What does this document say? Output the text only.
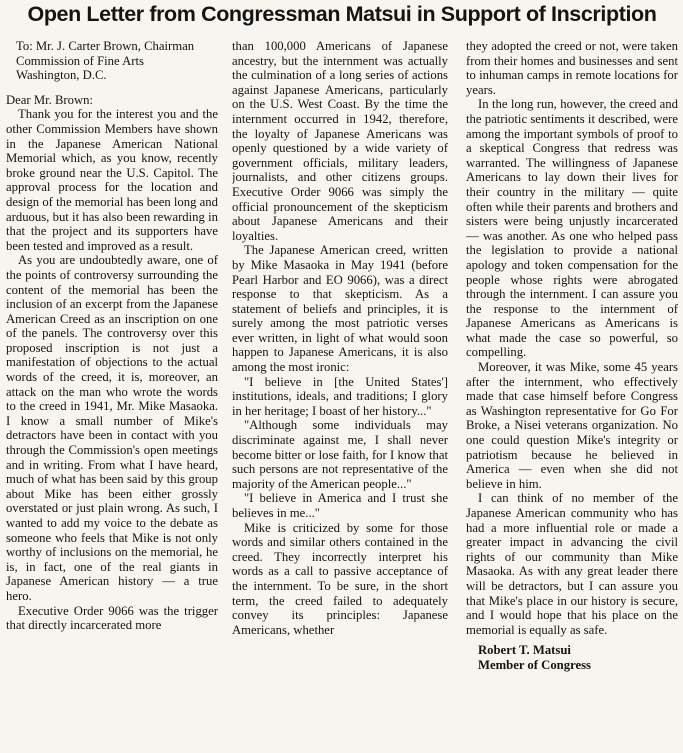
Open Letter from Congressman Matsui in Support of Inscription

To: Mr. J. Carter Brown, Chairman
Commission of Fine Arts
Washington, D.C.

Dear Mr. Brown:

Thank you for the interest you and the other Commission Members have shown in the Japanese American National Memorial which, as you know, recently broke ground near the U.S. Capitol. The approval process for the location and design of the memorial has been long and arduous, but it has also been rewarding in that the project and its supporters have been tested and improved as a result.

As you are undoubtedly aware, one of the points of controversy surrounding the content of the memorial has been the inclusion of an excerpt from the Japanese American Creed as an inscription on one of the panels. The controversy over this proposed inscription is not just a manifestation of objections to the actual words of the creed, it is, moreover, an attack on the man who wrote the words to the creed in 1941, Mr. Mike Masaoka. I know a small number of Mike's detractors have been in contact with you through the Commission's open meetings and in writing. From what I have heard, much of what has been said by this group about Mike has been either grossly overstated or just plain wrong. As such, I wanted to add my voice to the debate as someone who feels that Mike is not only worthy of inclusions on the memorial, he is, in fact, one of the real giants in Japanese American history — a true hero.

Executive Order 9066 was the trigger that directly incarcerated more

than 100,000 Americans of Japanese ancestry, but the internment was actually the culmination of a long series of actions against Japanese Americans, particularly on the U.S. West Coast. By the time the internment occurred in 1942, therefore, the loyalty of Japanese Americans was openly questioned by a wide variety of government officials, military leaders, journalists, and other citizens groups. Executive Order 9066 was simply the official pronouncement of the skepticism about Japanese Americans and their loyalties.

The Japanese American creed, written by Mike Masaoka in May 1941 (before Pearl Harbor and EO 9066), was a direct response to that skepticism. As a statement of beliefs and principles, it is surely among the most patriotic verses ever written, in light of what would soon happen to Japanese Americans, it is also among the most ironic:

"I believe in [the United States'] institutions, ideals, and traditions; I glory in her heritage; I boast of her history..."

"Although some individuals may discriminate against me, I shall never become bitter or lose faith, for I know that such persons are not representative of the majority of the American people..."

"I believe in America and I trust she believes in me..."

Mike is criticized by some for those words and similar others contained in the creed. They incorrectly interpret his words as a call to passive acceptance of the internment. To be sure, in the short term, the creed failed to adequately convey its principles: Japanese Americans, whether

they adopted the creed or not, were taken from their homes and businesses and sent to inhuman camps in remote locations for years.

In the long run, however, the creed and the patriotic sentiments it described, were among the important symbols of proof to a skeptical Congress that redress was warranted. The willingness of Japanese Americans to lay down their lives for their country in the military — quite often while their parents and brothers and sisters were being unjustly incarcerated — was another. As one who helped pass the legislation to provide a national apology and token compensation for the people whose rights were abrogated through the internment. I can assure you the response to the internment of Japanese Americans as Americans is what made the case so powerful, so compelling.

Moreover, it was Mike, some 45 years after the internment, who effectively made that case himself before Congress as Washington representative for Go For Broke, a Nisei veterans organization. No one could question Mike's integrity or patriotism because he believed in America — even when she did not believe in him.

I can think of no member of the Japanese American community who has had a more influential role or made a greater impact in advancing the civil rights of our community than Mike Masaoka. As with any great leader there will be detractors, but I can assure you that Mike's place in our history is secure, and I would hope that his place on the memorial is equally as safe.

Robert T. Matsui
Member of Congress
